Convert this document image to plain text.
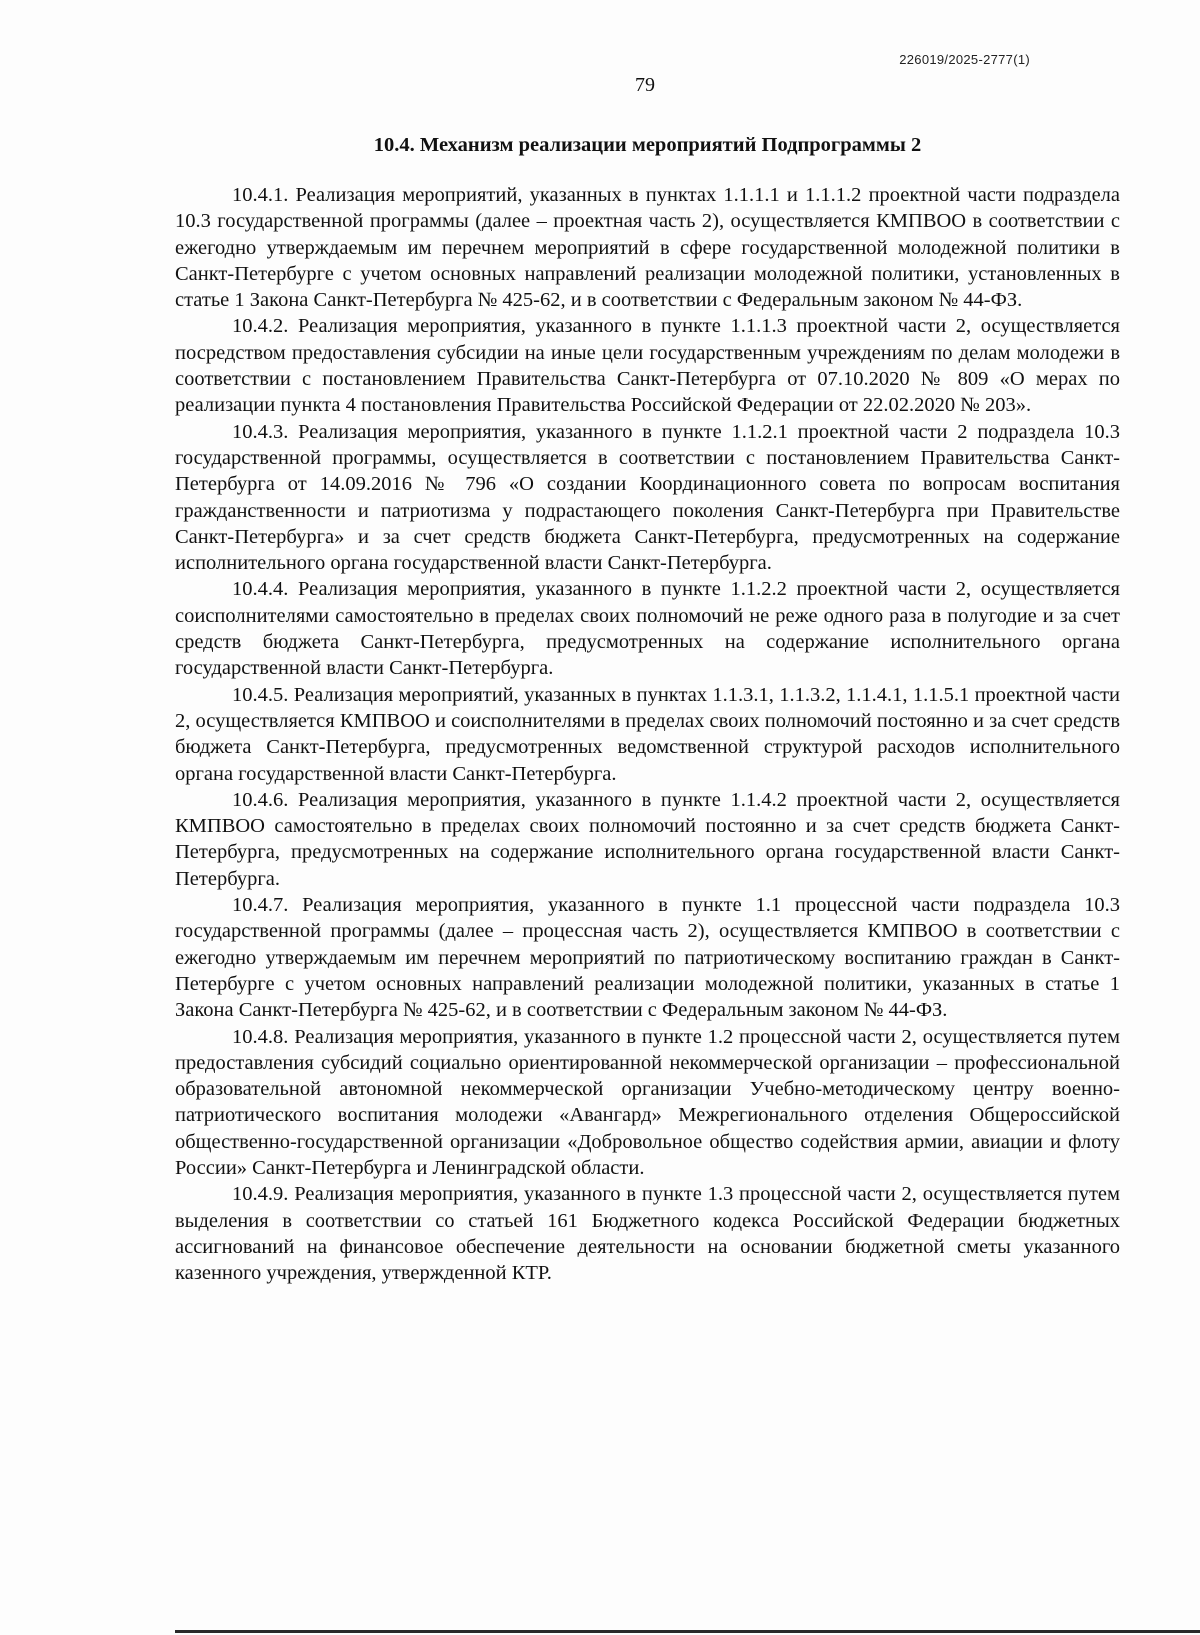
226019/2025-2777(1)
79
10.4. Механизм реализации мероприятий Подпрограммы 2

10.4.1. Реализация мероприятий, указанных в пунктах 1.1.1.1 и 1.1.1.2 проектной части подраздела 10.3 государственной программы (далее – проектная часть 2), осуществляется КМПВОО в соответствии с ежегодно утверждаемым им перечнем мероприятий в сфере государственной молодежной политики в Санкт-Петербурге с учетом основных направлений реализации молодежной политики, установленных в статье 1 Закона Санкт-Петербурга № 425-62, и в соответствии с Федеральным законом № 44-ФЗ.

10.4.2. Реализация мероприятия, указанного в пункте 1.1.1.3 проектной части 2, осуществляется посредством предоставления субсидии на иные цели государственным учреждениям по делам молодежи в соответствии с постановлением Правительства Санкт-Петербурга от 07.10.2020 № 809 «О мерах по реализации пункта 4 постановления Правительства Российской Федерации от 22.02.2020 № 203».

10.4.3. Реализация мероприятия, указанного в пункте 1.1.2.1 проектной части 2 подраздела 10.3 государственной программы, осуществляется в соответствии с постановлением Правительства Санкт-Петербурга от 14.09.2016 № 796 «О создании Координационного совета по вопросам воспитания гражданственности и патриотизма у подрастающего поколения Санкт-Петербурга при Правительстве Санкт-Петербурга» и за счет средств бюджета Санкт-Петербурга, предусмотренных на содержание исполнительного органа государственной власти Санкт-Петербурга.

10.4.4. Реализация мероприятия, указанного в пункте 1.1.2.2 проектной части 2, осуществляется соисполнителями самостоятельно в пределах своих полномочий не реже одного раза в полугодие и за счет средств бюджета Санкт-Петербурга, предусмотренных на содержание исполнительного органа государственной власти Санкт-Петербурга.

10.4.5. Реализация мероприятий, указанных в пунктах 1.1.3.1, 1.1.3.2, 1.1.4.1, 1.1.5.1 проектной части 2, осуществляется КМПВОО и соисполнителями в пределах своих полномочий постоянно и за счет средств бюджета Санкт-Петербурга, предусмотренных ведомственной структурой расходов исполнительного органа государственной власти Санкт-Петербурга.

10.4.6. Реализация мероприятия, указанного в пункте 1.1.4.2 проектной части 2, осуществляется КМПВОО самостоятельно в пределах своих полномочий постоянно и за счет средств бюджета Санкт-Петербурга, предусмотренных на содержание исполнительного органа государственной власти Санкт-Петербурга.

10.4.7. Реализация мероприятия, указанного в пункте 1.1 процессной части подраздела 10.3 государственной программы (далее – процессная часть 2), осуществляется КМПВОО в соответствии с ежегодно утверждаемым им перечнем мероприятий по патриотическому воспитанию граждан в Санкт-Петербурге с учетом основных направлений реализации молодежной политики, указанных в статье 1 Закона Санкт-Петербурга № 425-62, и в соответствии с Федеральным законом № 44-ФЗ.

10.4.8. Реализация мероприятия, указанного в пункте 1.2 процессной части 2, осуществляется путем предоставления субсидий социально ориентированной некоммерческой организации – профессиональной образовательной автономной некоммерческой организации Учебно-методическому центру военно-патриотического воспитания молодежи «Авангард» Межрегионального отделения Общероссийской общественно-государственной организации «Добровольное общество содействия армии, авиации и флоту России» Санкт-Петербурга и Ленинградской области.

10.4.9. Реализация мероприятия, указанного в пункте 1.3 процессной части 2, осуществляется путем выделения в соответствии со статьей 161 Бюджетного кодекса Российской Федерации бюджетных ассигнований на финансовое обеспечение деятельности на основании бюджетной сметы указанного казенного учреждения, утвержденной КТР.
